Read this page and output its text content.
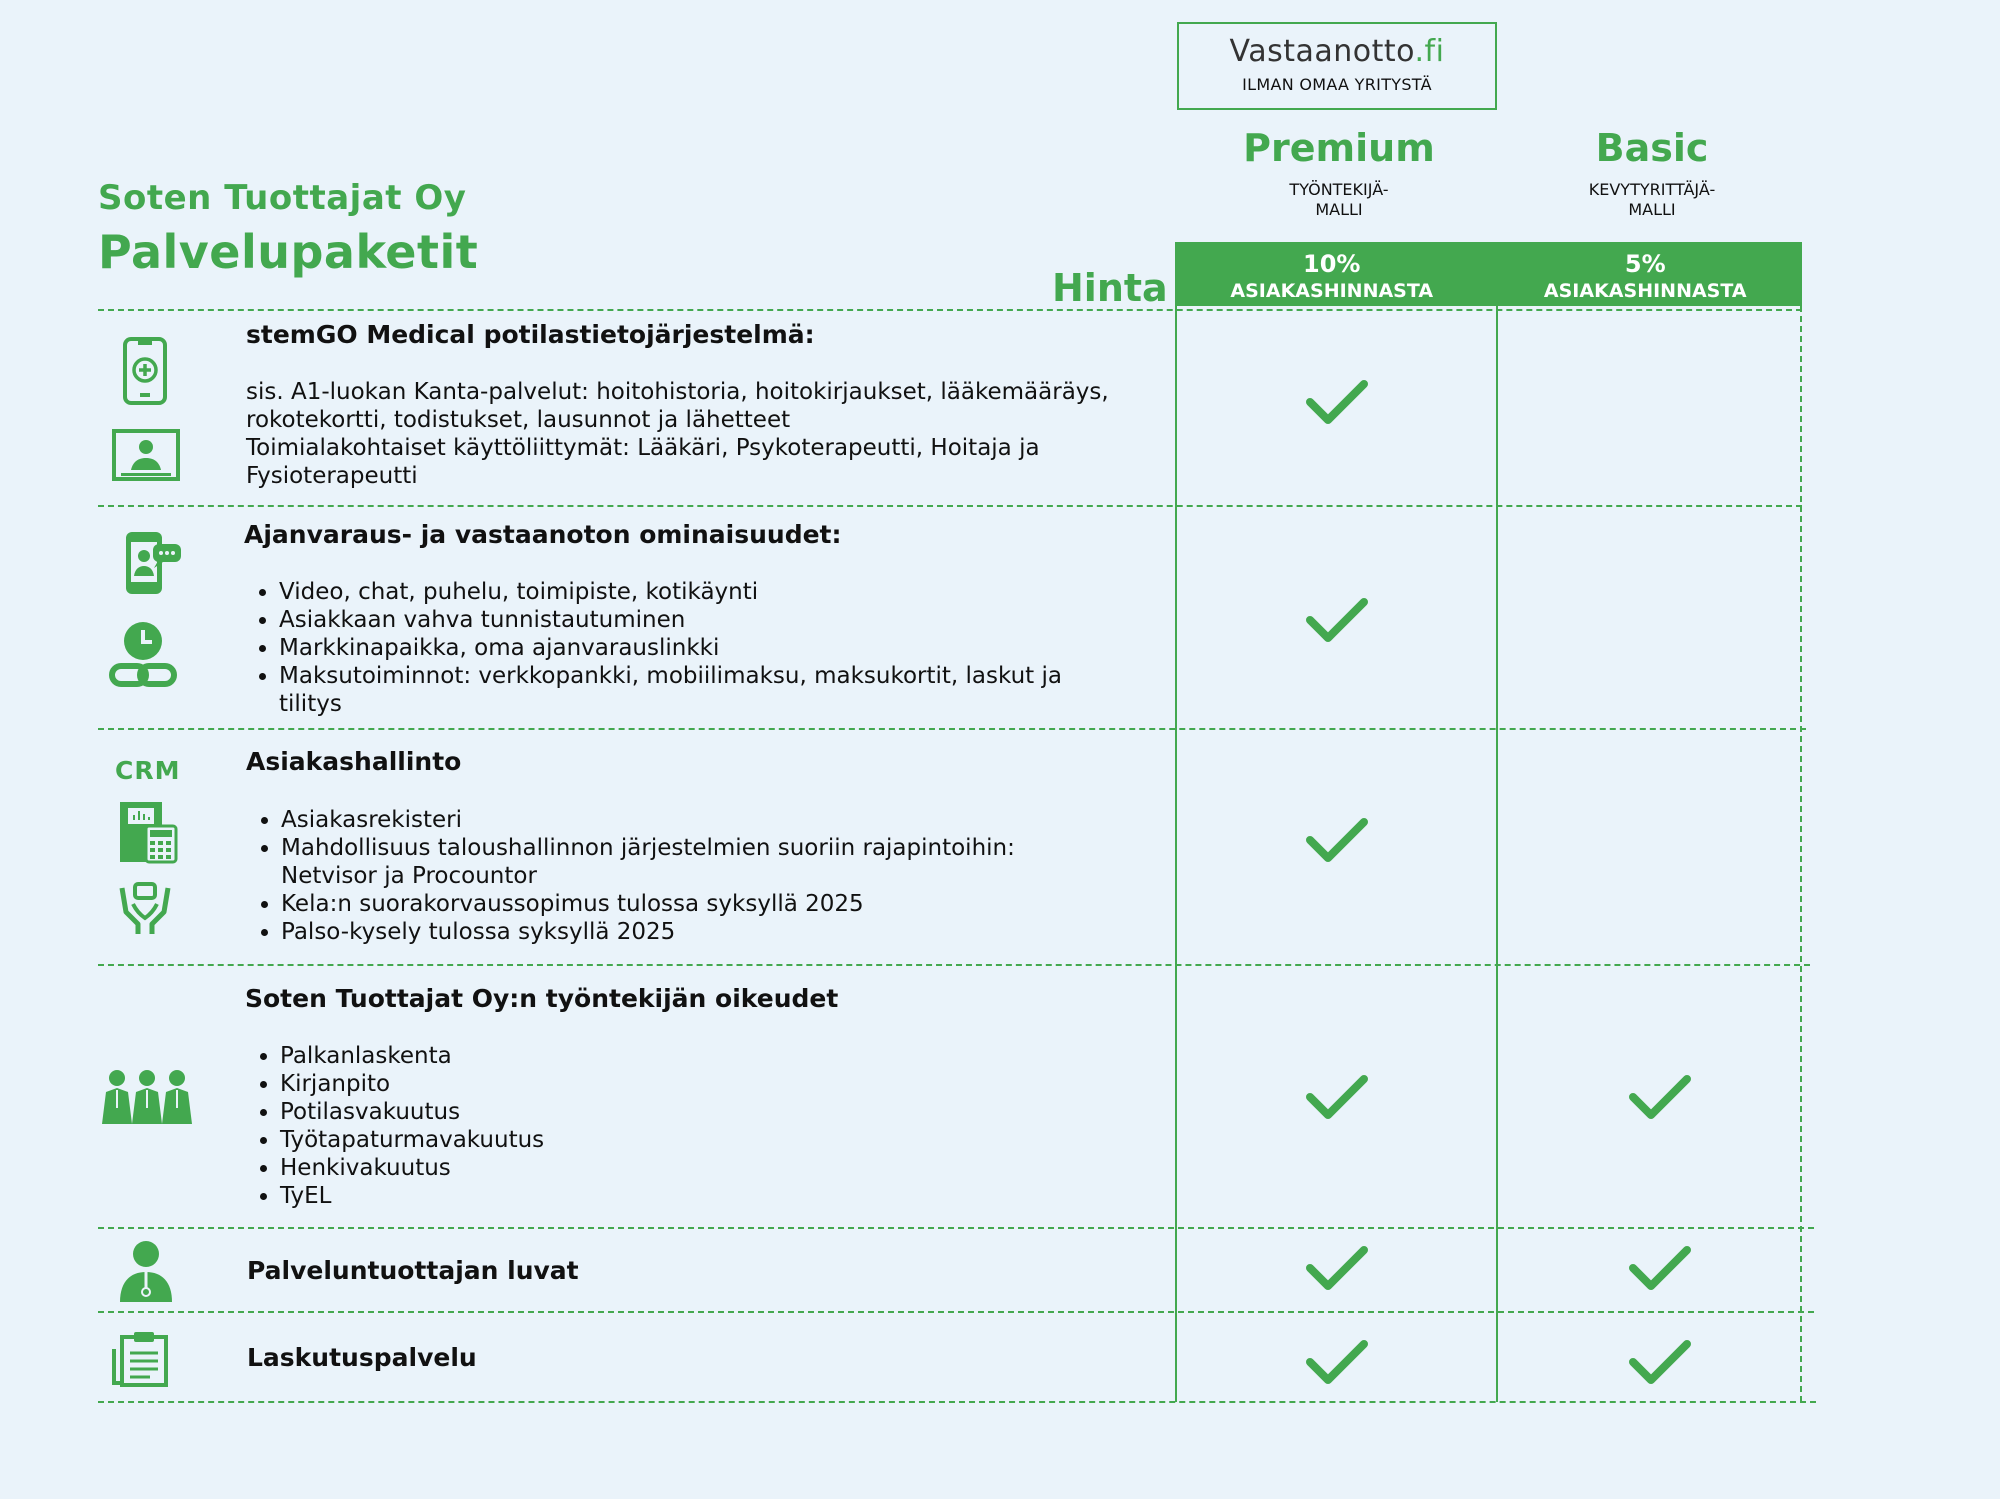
Soten Tuottajat Oy
Palvelupaketit
Hinta
Vastaanotto.fi
ILMAN OMAA YRITYSTÄ
Premium
TYÖNTEKIJÄ-
MALLI
Basic
KEVYTYRITTÄJÄ-
MALLI
10%
ASIAKASHINNASTA
5%
ASIAKASHINNASTA
stemGO Medical potilastietojärjestelmä:
sis. A1-luokan Kanta-palvelut: hoitohistoria, hoitokirjaukset, lääkemääräys,
rokotekortti, todistukset, lausunnot ja lähetteet
Toimialakohtaiset käyttöliittymät: Lääkäri, Psykoterapeutti, Hoitaja ja
Fysioterapeutti
Ajanvaraus- ja vastaanoton ominaisuudet:
• Video, chat, puhelu, toimipiste, kotikäynti
• Asiakkaan vahva tunnistautuminen
• Markkinapaikka, oma ajanvarauslinkki
• Maksutoiminnot: verkkopankki, mobiilimaksu, maksukortit, laskut ja tilitys
CRM	Asiakashallinto
• Asiakasrekisteri
• Mahdollisuus taloushallinnon järjestelmien suoriin rajapintoihin: Netvisor ja Procountor
• Kela:n suorakorvaussopimus tulossa syksyllä 2025
• Palso-kysely tulossa syksyllä 2025
Soten Tuottajat Oy:n työntekijän oikeudet
• Palkanlaskenta
• Kirjanpito
• Potilasvakuutus
• Työtapaturmavakuutus
• Henkivakuutus
• TyEL
Palveluntuottajan luvat
Laskutuspalvelu
